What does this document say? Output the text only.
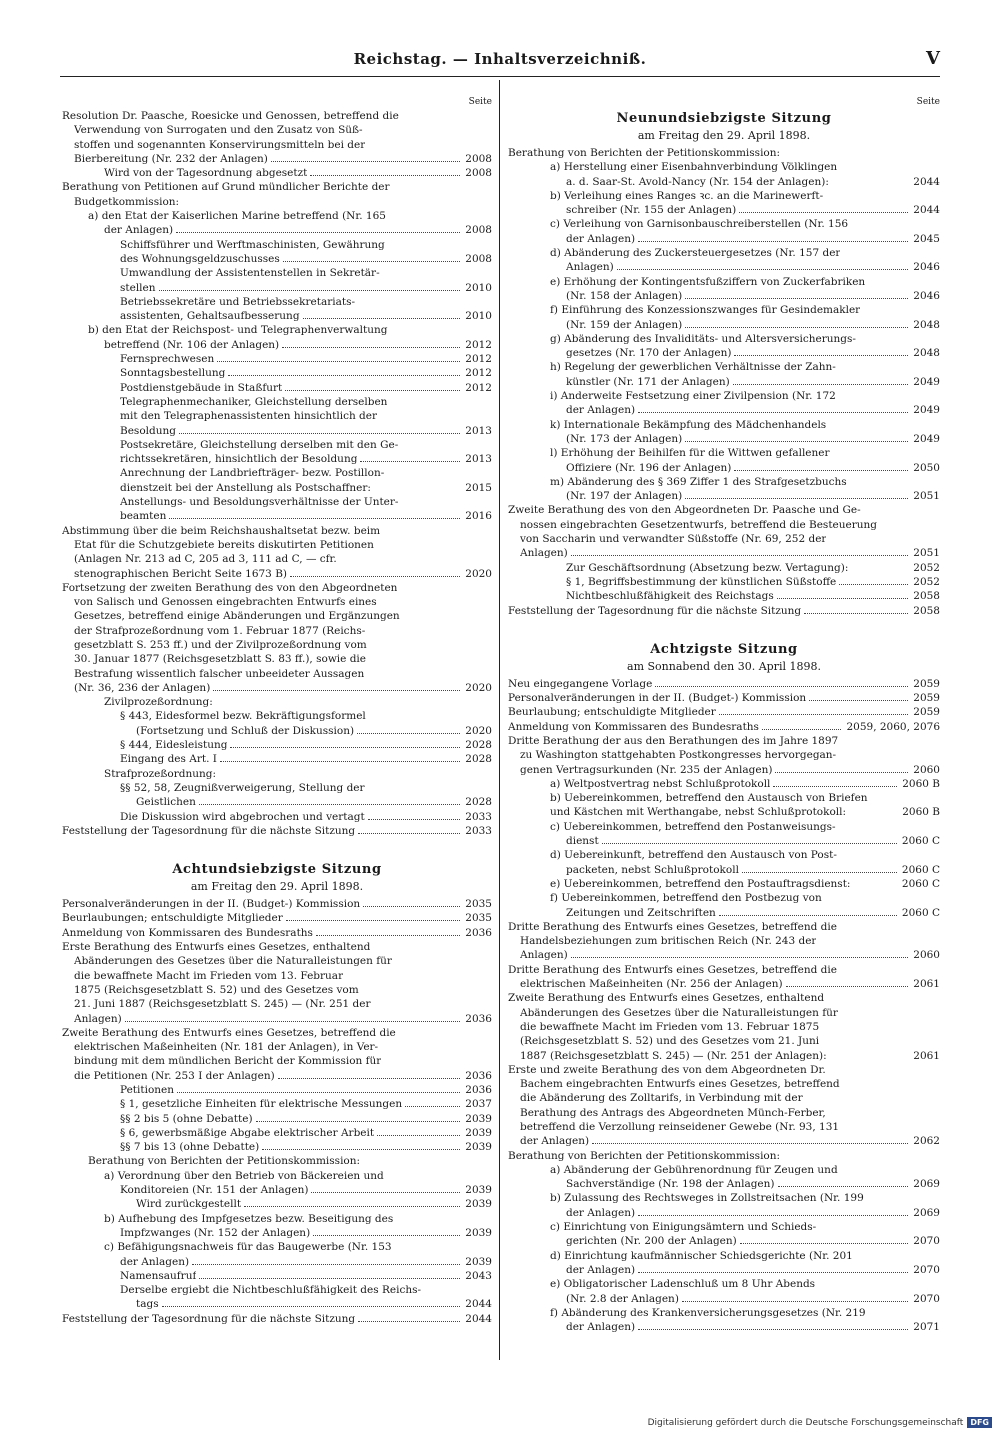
Reichstag. — Inhaltsverzeichniß.	V
Seite
Resolution Dr. Paasche, Roesicke und Genossen, betreffend die
Verwendung von Surrogaten und den Zusatz von Süß-
stoffen und sogenannten Konservirungsmitteln bei der
Bierbereitung (Nr. 232 der Anlagen)	2008
Wird von der Tagesordnung abgesetzt	2008
Berathung von Petitionen auf Grund mündlicher Berichte der
Budgetkommission:
a) den Etat der Kaiserlichen Marine betreffend (Nr. 165
der Anlagen)	2008
Schiffsführer und Werftmaschinisten, Gewährung
des Wohnungsgeldzuschusses	2008
Umwandlung der Assistentenstellen in Sekretär-
stellen	2010
Betriebssekretäre und Betriebssekretariats-
assistenten, Gehaltsaufbesserung	2010
b) den Etat der Reichspost- und Telegraphenverwaltung
betreffend (Nr. 106 der Anlagen)	2012
Fernsprechwesen	2012
Sonntagsbestellung	2012
Postdienstgebäude in Staßfurt	2012
Telegraphenmechaniker, Gleichstellung derselben
mit den Telegraphenassistenten hinsichtlich der
Besoldung	2013
Postsekretäre, Gleichstellung derselben mit den Ge-
richtssekretären, hinsichtlich der Besoldung	2013
Anrechnung der Landbriefträger- bezw. Postillon-
dienstzeit bei der Anstellung als Postschaffner:	2015
Anstellungs- und Besoldungsverhältnisse der Unter-
beamten	2016
Abstimmung über die beim Reichshaushaltsetat bezw. beim
Etat für die Schutzgebiete bereits diskutirten Petitionen
(Anlagen Nr. 213 ad C, 205 ad 3, 111 ad C, — cfr.
stenographischen Bericht Seite 1673 B)	2020
Fortsetzung der zweiten Berathung des von den Abgeordneten
von Salisch und Genossen eingebrachten Entwurfs eines
Gesetzes, betreffend einige Abänderungen und Ergänzungen
der Strafprozeßordnung vom 1. Februar 1877 (Reichs-
gesetzblatt S. 253 ff.) und der Zivilprozeßordnung vom
30. Januar 1877 (Reichsgesetzblatt S. 83 ff.), sowie die
Bestrafung wissentlich falscher unbeeideter Aussagen
(Nr. 36, 236 der Anlagen)	2020
Zivilprozeßordnung:
§ 443, Eidesformel bezw. Bekräftigungsformel
(Fortsetzung und Schluß der Diskussion)	2020
§ 444, Eidesleistung	2028
Eingang des Art. I	2028
Strafprozeßordnung:
§§ 52, 58, Zeugnißverweigerung, Stellung der
Geistlichen	2028
Die Diskussion wird abgebrochen und vertagt	2033
Feststellung der Tagesordnung für die nächste Sitzung	2033
Achtundsiebzigste Sitzung
am Freitag den 29. April 1898.
Personalveränderungen in der II. (Budget-) Kommission	2035
Beurlaubungen; entschuldigte Mitglieder	2035
Anmeldung von Kommissaren des Bundesraths	2036
Erste Berathung des Entwurfs eines Gesetzes, enthaltend
Abänderungen des Gesetzes über die Naturalleistungen für
die bewaffnete Macht im Frieden vom 13. Februar
1875 (Reichsgesetzblatt S. 52) und des Gesetzes vom
21. Juni 1887 (Reichsgesetzblatt S. 245) — (Nr. 251 der
Anlagen)	2036
Zweite Berathung des Entwurfs eines Gesetzes, betreffend die
elektrischen Maßeinheiten (Nr. 181 der Anlagen), in Ver-
bindung mit dem mündlichen Bericht der Kommission für
die Petitionen (Nr. 253 I der Anlagen)	2036
Petitionen	2036
§ 1, gesetzliche Einheiten für elektrische Messungen	2037
§§ 2 bis 5 (ohne Debatte)	2039
§ 6, gewerbsmäßige Abgabe elektrischer Arbeit	2039
§§ 7 bis 13 (ohne Debatte)	2039
Berathung von Berichten der Petitionskommission:
a) Verordnung über den Betrieb von Bäckereien und
Konditoreien (Nr. 151 der Anlagen)	2039
Wird zurückgestellt	2039
b) Aufhebung des Impfgesetzes bezw. Beseitigung des
Impfzwanges (Nr. 152 der Anlagen)	2039
c) Befähigungsnachweis für das Baugewerbe (Nr. 153
der Anlagen)	2039
Namensaufruf	2043
Derselbe ergiebt die Nichtbeschlußfähigkeit des Reichs-
tags	2044
Feststellung der Tagesordnung für die nächste Sitzung	2044
Seite
Neunundsiebzigste Sitzung
am Freitag den 29. April 1898.
Berathung von Berichten der Petitionskommission:
a) Herstellung einer Eisenbahnverbindung Völklingen
a. d. Saar-St. Avold-Nancy (Nr. 154 der Anlagen):	2044
b) Verleihung eines Ranges ꝛc. an die Marinewerft-
schreiber (Nr. 155 der Anlagen)	2044
c) Verleihung von Garnisonbauschreiberstellen (Nr. 156
der Anlagen)	2045
d) Abänderung des Zuckersteuergesetzes (Nr. 157 der
Anlagen)	2046
e) Erhöhung der Kontingentsfußziffern von Zuckerfabriken
(Nr. 158 der Anlagen)	2046
f) Einführung des Konzessionszwanges für Gesindemakler
(Nr. 159 der Anlagen)	2048
g) Abänderung des Invaliditäts- und Altersversicherungs-
gesetzes (Nr. 170 der Anlagen)	2048
h) Regelung der gewerblichen Verhältnisse der Zahn-
künstler (Nr. 171 der Anlagen)	2049
i) Anderweite Festsetzung einer Zivilpension (Nr. 172
der Anlagen)	2049
k) Internationale Bekämpfung des Mädchenhandels
(Nr. 173 der Anlagen)	2049
l) Erhöhung der Beihilfen für die Wittwen gefallener
Offiziere (Nr. 196 der Anlagen)	2050
m) Abänderung des § 369 Ziffer 1 des Strafgesetzbuchs
(Nr. 197 der Anlagen)	2051
Zweite Berathung des von den Abgeordneten Dr. Paasche und Ge-
nossen eingebrachten Gesetzentwurfs, betreffend die Besteuerung
von Saccharin und verwandter Süßstoffe (Nr. 69, 252 der
Anlagen)	2051
Zur Geschäftsordnung (Absetzung bezw. Vertagung):	2052
§ 1, Begriffsbestimmung der künstlichen Süßstoffe	2052
Nichtbeschlußfähigkeit des Reichstags	2058
Feststellung der Tagesordnung für die nächste Sitzung	2058
Achtzigste Sitzung
am Sonnabend den 30. April 1898.
Neu eingegangene Vorlage	2059
Personalveränderungen in der II. (Budget-) Kommission	2059
Beurlaubung; entschuldigte Mitglieder	2059
Anmeldung von Kommissaren des Bundesraths	2059, 2060, 2076
Dritte Berathung der aus den Berathungen des im Jahre 1897
zu Washington stattgehabten Postkongresses hervorgegan-
genen Vertragsurkunden (Nr. 235 der Anlagen)	2060
a) Weltpostvertrag nebst Schlußprotokoll	2060 B
b) Uebereinkommen, betreffend den Austausch von Briefen
und Kästchen mit Werthangabe, nebst Schlußprotokoll:	2060 B
c) Uebereinkommen, betreffend den Postanweisungs-
dienst	2060 C
d) Uebereinkunft, betreffend den Austausch von Post-
packeten, nebst Schlußprotokoll	2060 C
e) Uebereinkommen, betreffend den Postauftragsdienst:	2060 C
f) Uebereinkommen, betreffend den Postbezug von
Zeitungen und Zeitschriften	2060 C
Dritte Berathung des Entwurfs eines Gesetzes, betreffend die
Handelsbeziehungen zum britischen Reich (Nr. 243 der
Anlagen)	2060
Dritte Berathung des Entwurfs eines Gesetzes, betreffend die
elektrischen Maßeinheiten (Nr. 256 der Anlagen)	2061
Zweite Berathung des Entwurfs eines Gesetzes, enthaltend
Abänderungen des Gesetzes über die Naturalleistungen für
die bewaffnete Macht im Frieden vom 13. Februar 1875
(Reichsgesetzblatt S. 52) und des Gesetzes vom 21. Juni
1887 (Reichsgesetzblatt S. 245) — (Nr. 251 der Anlagen):	2061
Erste und zweite Berathung des von dem Abgeordneten Dr.
Bachem eingebrachten Entwurfs eines Gesetzes, betreffend
die Abänderung des Zolltarifs, in Verbindung mit der
Berathung des Antrags des Abgeordneten Münch-Ferber,
betreffend die Verzollung reinseidener Gewebe (Nr. 93, 131
der Anlagen)	2062
Berathung von Berichten der Petitionskommission:
a) Abänderung der Gebührenordnung für Zeugen und
Sachverständige (Nr. 198 der Anlagen)	2069
b) Zulassung des Rechtsweges in Zollstreitsachen (Nr. 199
der Anlagen)	2069
c) Einrichtung von Einigungsämtern und Schieds-
gerichten (Nr. 200 der Anlagen)	2070
d) Einrichtung kaufmännischer Schiedsgerichte (Nr. 201
der Anlagen)	2070
e) Obligatorischer Ladenschluß um 8 Uhr Abends
(Nr. 2.8 der Anlagen)	2070
f) Abänderung des Krankenversicherungsgesetzes (Nr. 219
der Anlagen)	2071
Digitalisierung gefördert durch die Deutsche Forschungsgemeinschaft DFG
